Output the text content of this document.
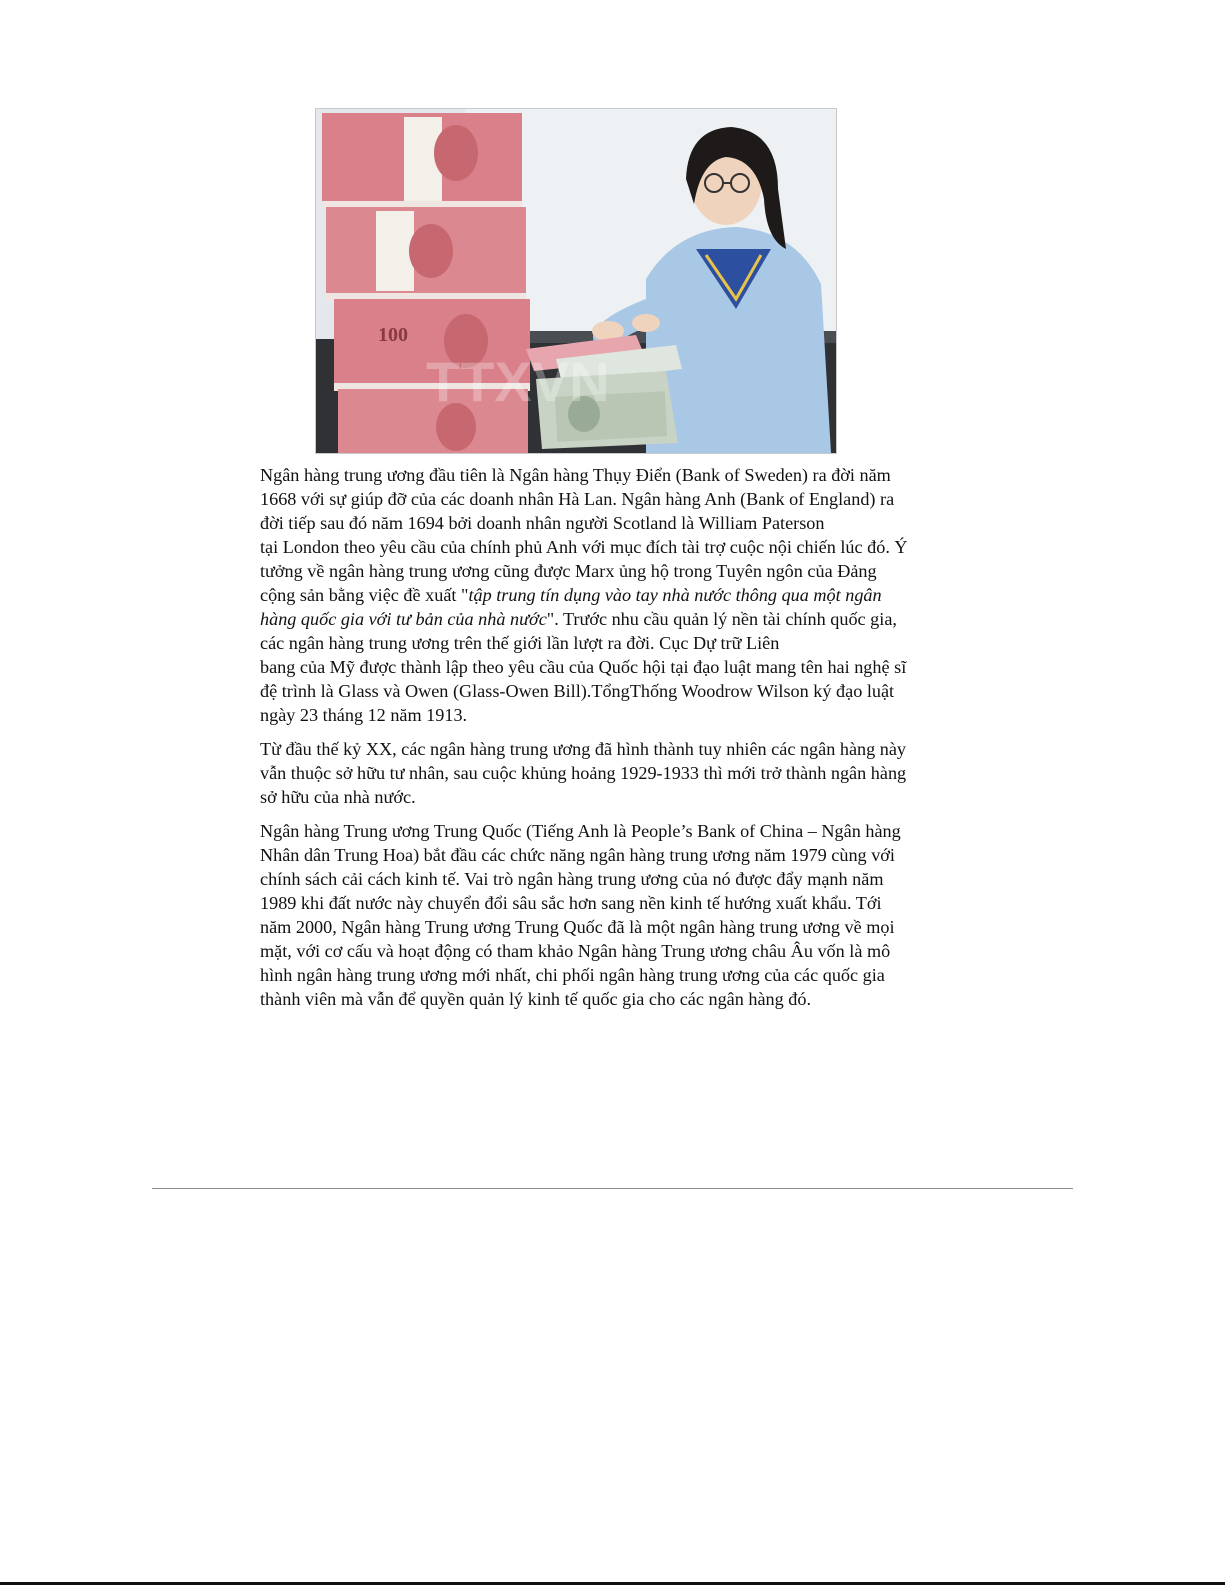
100
TTXVN

Ngân hàng trung ương đầu tiên là Ngân hàng Thụy Điển (Bank of Sweden) ra đời năm
1668 với sự giúp đỡ của các doanh nhân Hà Lan. Ngân hàng Anh (Bank of England) ra
đời tiếp sau đó năm 1694 bởi doanh nhân người Scotland là William Paterson
tại London theo yêu cầu của chính phủ Anh với mục đích tài trợ cuộc nội chiến lúc đó. Ý
tưởng về ngân hàng trung ương cũng được Marx ủng hộ trong Tuyên ngôn của Đảng
cộng sản bằng việc đề xuất "tập trung tín dụng vào tay nhà nước thông qua một ngân
hàng quốc gia với tư bản của nhà nước". Trước nhu cầu quản lý nền tài chính quốc gia,
các ngân hàng trung ương trên thế giới lần lượt ra đời. Cục Dự trữ Liên
bang của Mỹ được thành lập theo yêu cầu của Quốc hội tại đạo luật mang tên hai nghệ sĩ
đệ trình là Glass và Owen (Glass-Owen Bill).TổngThống Woodrow Wilson ký đạo luật
ngày 23 tháng 12 năm 1913.

Từ đầu thế kỷ XX, các ngân hàng trung ương đã hình thành tuy nhiên các ngân hàng này
vẫn thuộc sở hữu tư nhân, sau cuộc khủng hoảng 1929-1933 thì mới trở thành ngân hàng
sở hữu của nhà nước.

Ngân hàng Trung ương Trung Quốc (Tiếng Anh là People’s Bank of China – Ngân hàng
Nhân dân Trung Hoa) bắt đầu các chức năng ngân hàng trung ương năm 1979 cùng với
chính sách cải cách kinh tế. Vai trò ngân hàng trung ương của nó được đẩy mạnh năm
1989 khi đất nước này chuyển đổi sâu sắc hơn sang nền kinh tế hướng xuất khẩu. Tới
năm 2000, Ngân hàng Trung ương Trung Quốc đã là một ngân hàng trung ương về mọi
mặt, với cơ cấu và hoạt động có tham khảo Ngân hàng Trung ương châu Âu vốn là mô
hình ngân hàng trung ương mới nhất, chi phối ngân hàng trung ương của các quốc gia
thành viên mà vẫn để quyền quản lý kinh tế quốc gia cho các ngân hàng đó.
